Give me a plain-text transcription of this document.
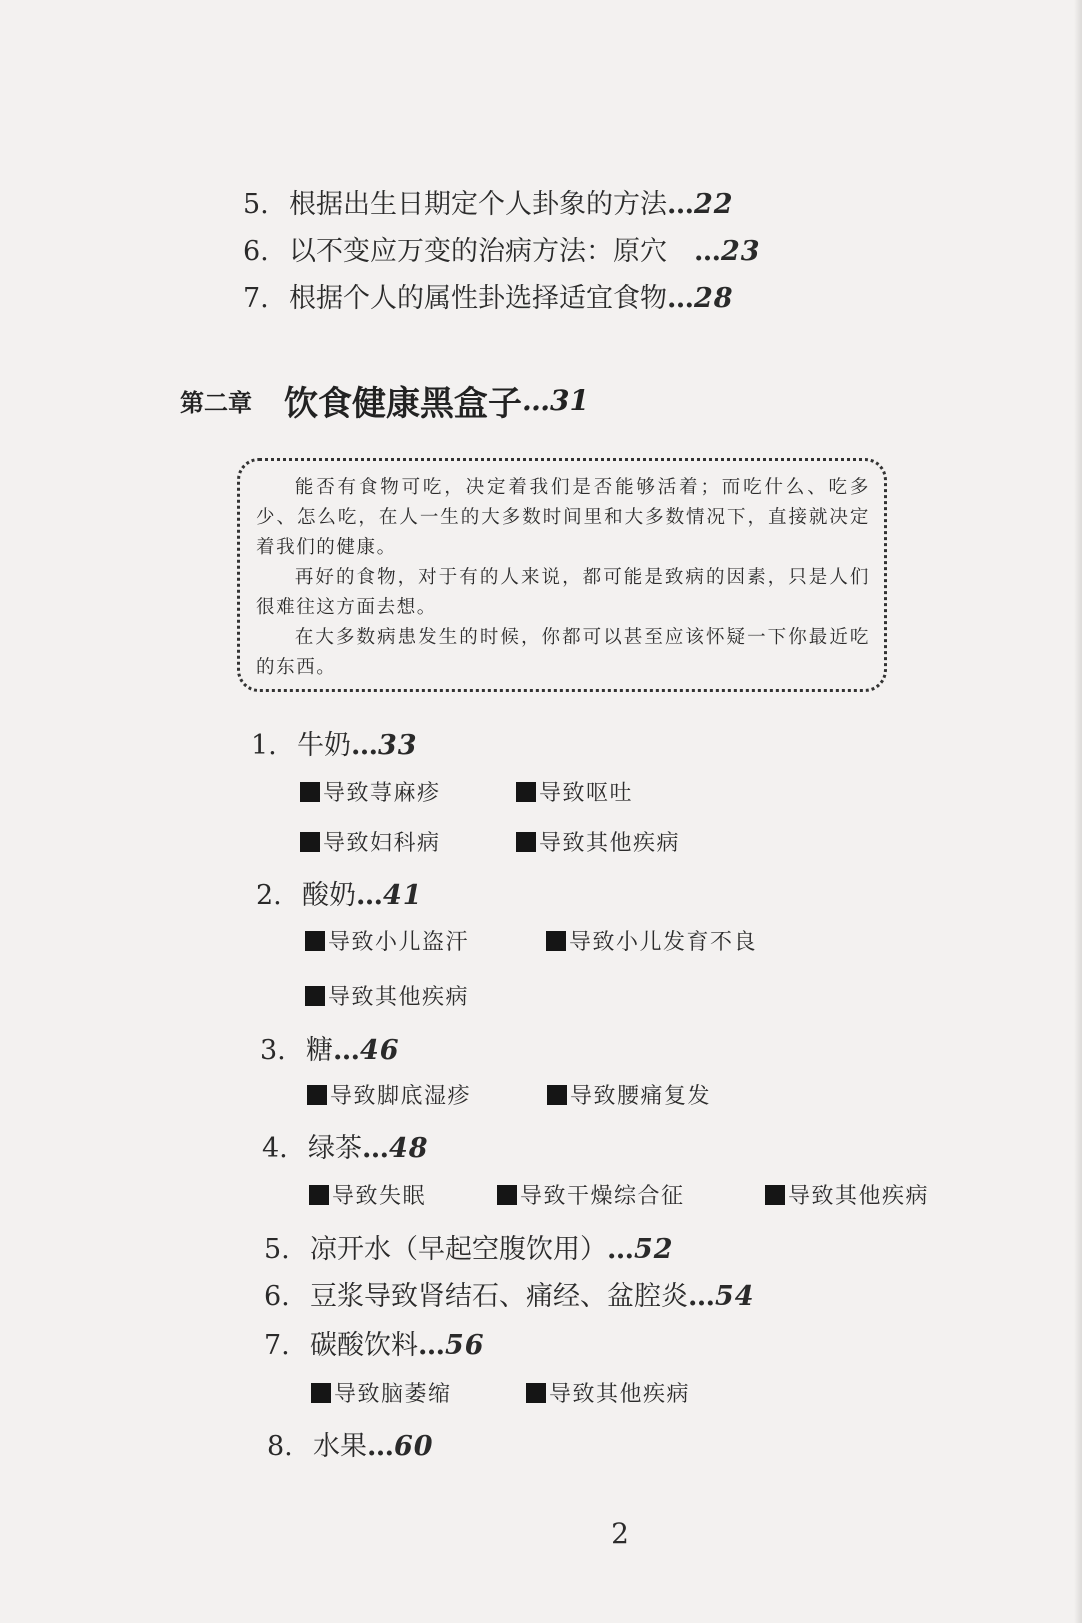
5. 根据出生日期定个人卦象的方法…22
6. 以不变应万变的治病方法：原穴　…23
7. 根据个人的属性卦选择适宜食物…28
第二章 饮食健康黑盒子…31

能否有食物可吃，决定着我们是否能够活着；而吃什么、吃多少、怎么吃，在人一生的大多数时间里和大多数情况下，直接就决定着我们的健康。

再好的食物，对于有的人来说，都可能是致病的因素，只是人们很难往这方面去想。

在大多数病患发生的时候，你都可以甚至应该怀疑一下你最近吃的东西。

1. 牛奶…33
导致荨麻疹	导致呕吐
导致妇科病	导致其他疾病
2. 酸奶…41
导致小儿盗汗	导致小儿发育不良
导致其他疾病
3. 糖…46
导致脚底湿疹	导致腰痛复发
4. 绿茶…48
导致失眠	导致干燥综合征	导致其他疾病
5. 凉开水（早起空腹饮用）…52
6. 豆浆导致肾结石、痛经、盆腔炎…54
7. 碳酸饮料…56
导致脑萎缩	导致其他疾病
8. 水果…60
2
